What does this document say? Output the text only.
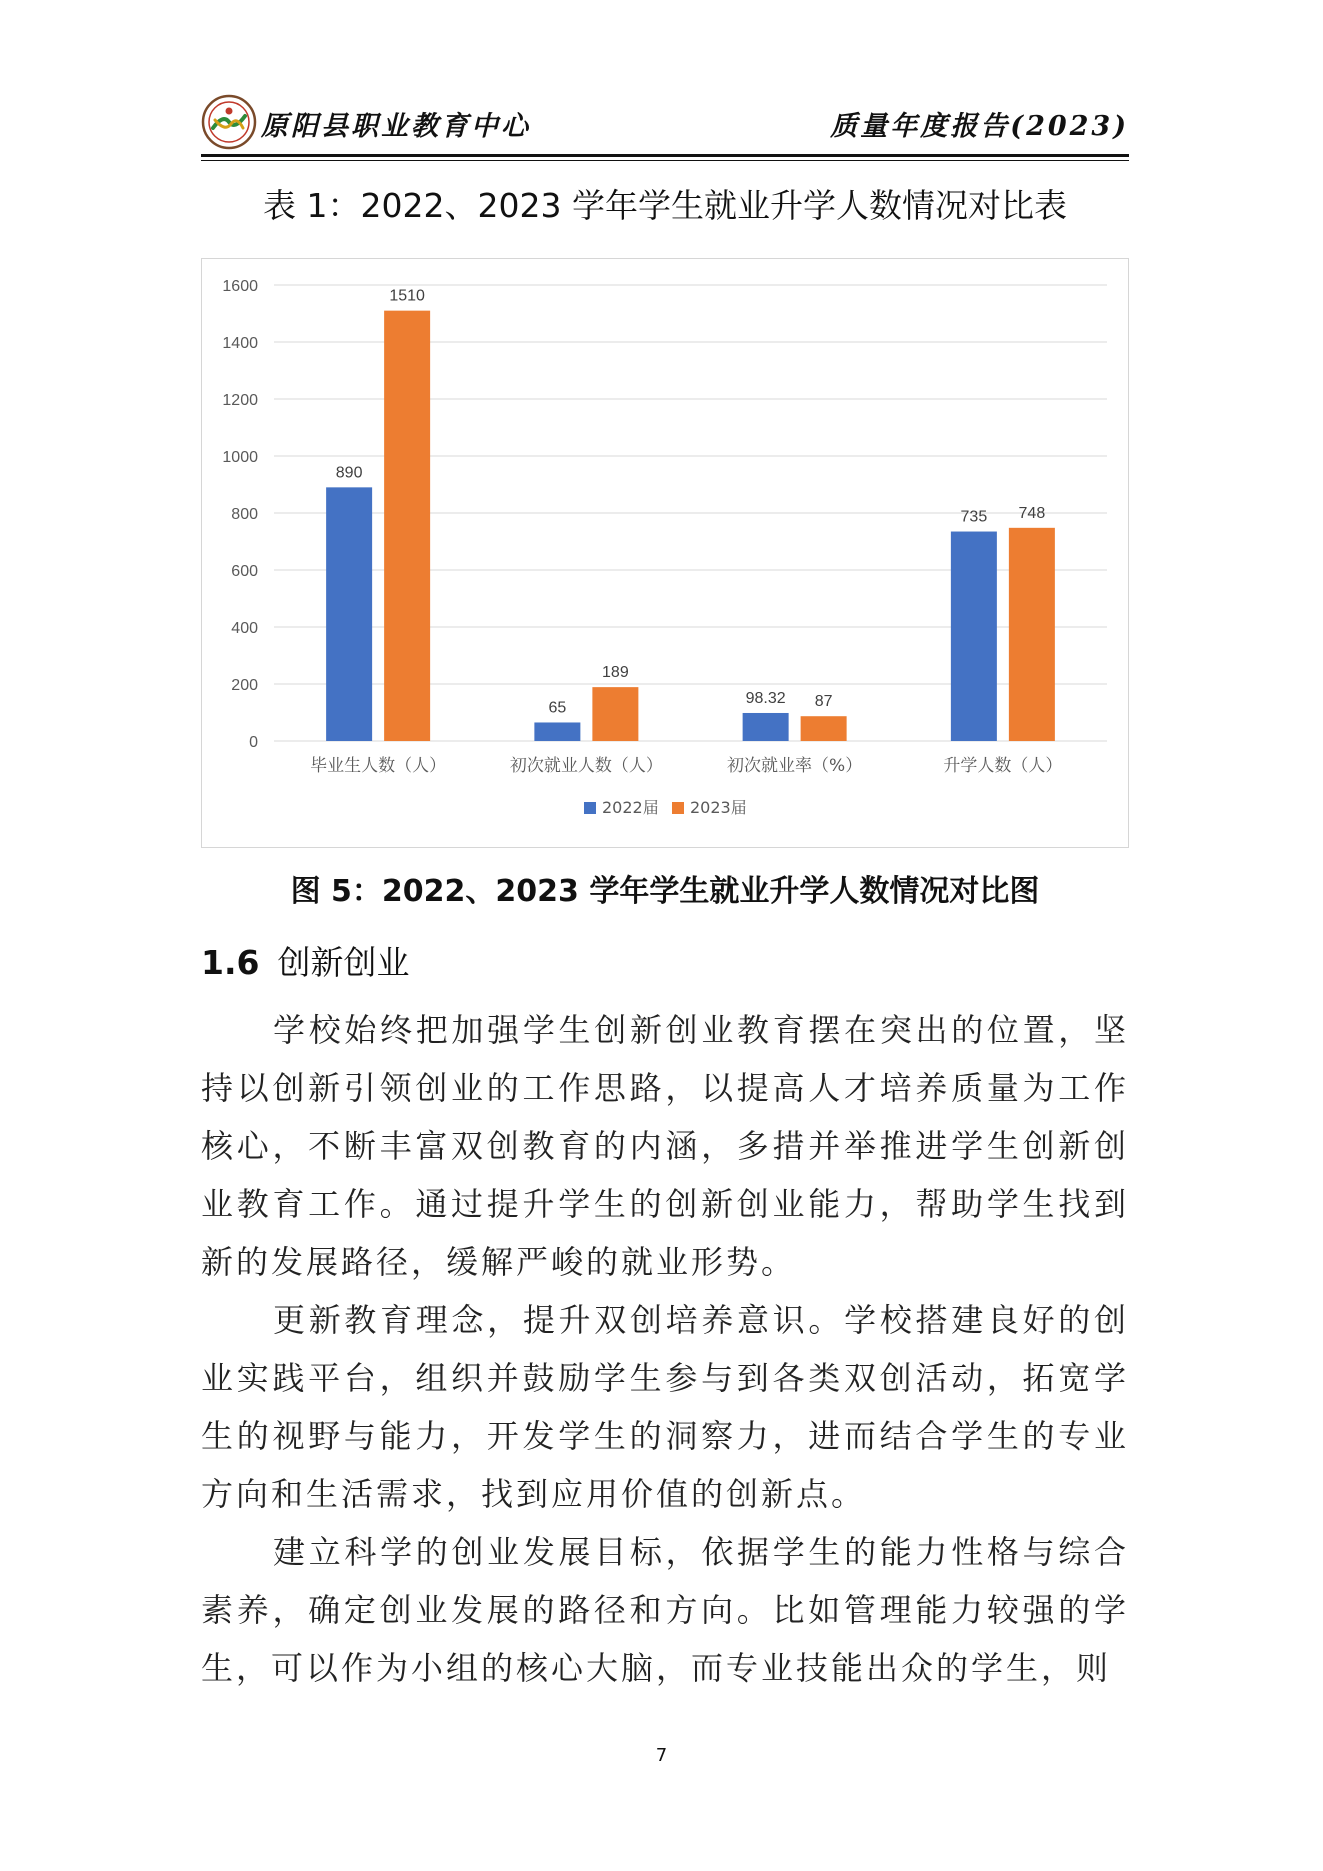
原阳县职业教育中心	质量年度报告(2023)
表 1：2022、2023 学年学生就业升学人数情况对比表
0
200
400
600
800
1000
1200
1400
1600
890
1510
毕业生人数（人）
65
189
初次就业人数（人）
98.32 87
初次就业率（%）
735 748
升学人数（人）
2022届 2023届
图 5：2022、2023 学年学生就业升学人数情况对比图
1.6 创新创业

学校始终把加强学生创新创业教育摆在突出的位置，坚持以创新引领创业的工作思路，以提高人才培养质量为工作核心，不断丰富双创教育的内涵，多措并举推进学生创新创业教育工作。通过提升学生的创新创业能力，帮助学生找到新的发展路径，缓解严峻的就业形势。

更新教育理念，提升双创培养意识。学校搭建良好的创业实践平台，组织并鼓励学生参与到各类双创活动，拓宽学生的视野与能力，开发学生的洞察力，进而结合学生的专业方向和生活需求，找到应用价值的创新点。

建立科学的创业发展目标，依据学生的能力性格与综合素养，确定创业发展的路径和方向。比如管理能力较强的学生，可以作为小组的核心大脑，而专业技能出众的学生，则

7
